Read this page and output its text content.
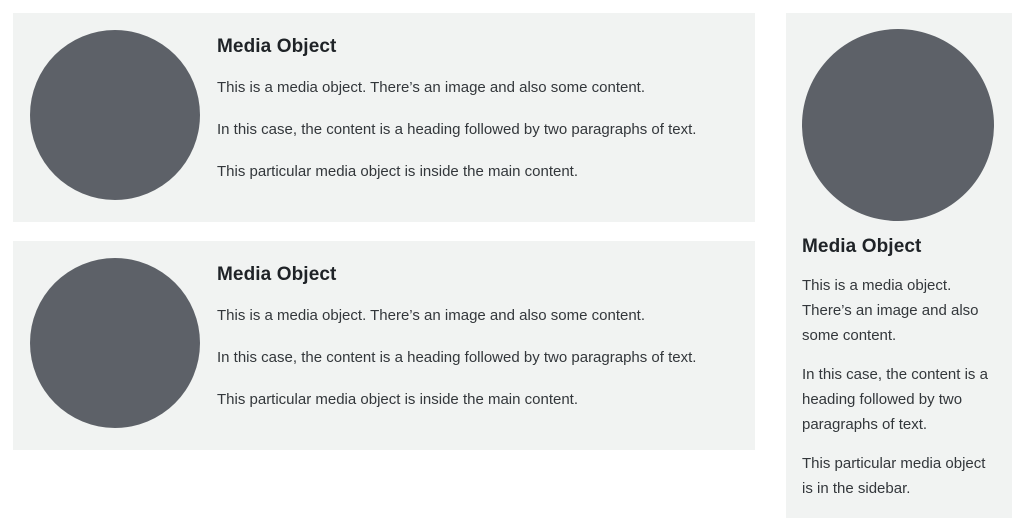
Media Object

This is a media object. There’s an image and also some content.

In this case, the content is a heading followed by two paragraphs of text.

This particular media object is inside the main content.

Media Object

This is a media object. There’s an image and also some content.

In this case, the content is a heading followed by two paragraphs of text.

This particular media object is inside the main content.

Media Object

This is a media object. There’s an image and also some content.

In this case, the content is a heading followed by two paragraphs of text.

This particular media object is in the sidebar.
